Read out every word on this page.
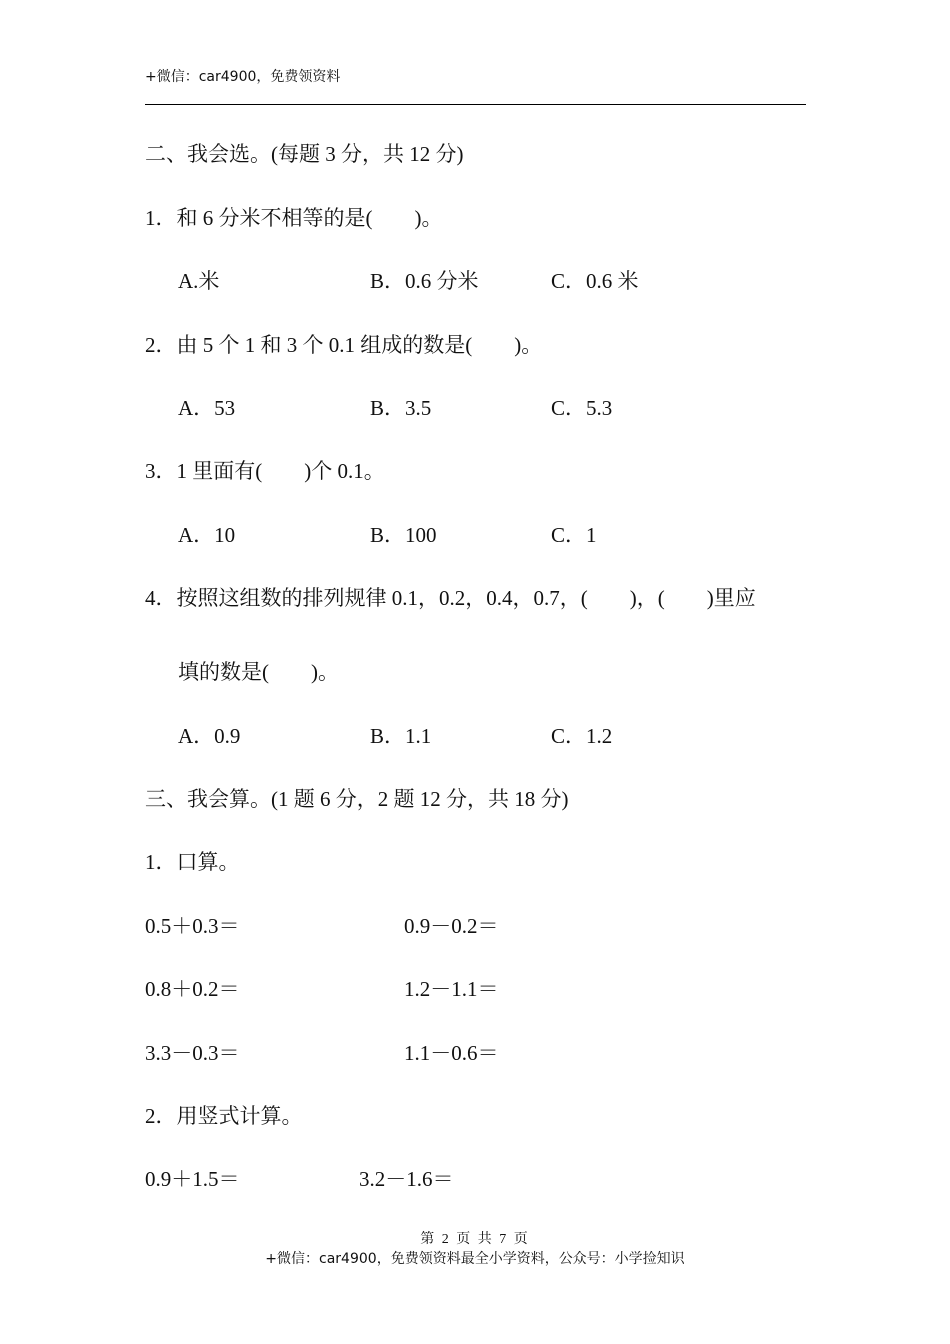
+微信：car4900，免费领资料
二、我会选。(每题 3 分，共 12 分)
1．和 6 分米不相等的是(　　)。
A.米	B．0.6 分米	C．0.6 米
2．由 5 个 1 和 3 个 0.1 组成的数是(　　)。
A．53	B．3.5	C．5.3
3．1 里面有(　　)个 0.1。
A．10	B．100	C．1
4．按照这组数的排列规律 0.1，0.2，0.4，0.7，(　　)，(　　)里应
填的数是(　　)。
A．0.9	B．1.1	C．1.2
三、我会算。(1 题 6 分，2 题 12 分，共 18 分)
1．口算。
0.5＋0.3＝	0.9－0.2＝
0.8＋0.2＝	1.2－1.1＝
3.3－0.3＝	1.1－0.6＝
2．用竖式计算。
0.9＋1.5＝	3.2－1.6＝
第 2 页 共 7 页
+微信：car4900，免费领资料最全小学资料，公众号：小学捡知识
